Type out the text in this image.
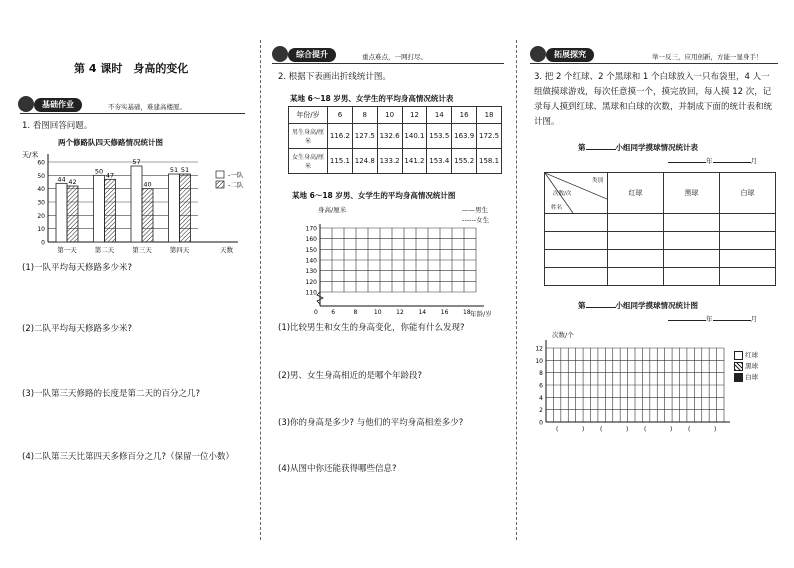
第 4 课时　身高的变化
基础作业	不夯实基础，难建高楼厦。
1. 看图回答问题。
两个修路队四天修路情况统计图
天/米
0
10
20
30
40
50
60
44 42
第一天
50 47
第二天
57
40
第三天
51 51
第四天	天数
-一队
-二队
(1)一队平均每天修路多少米?
(2)二队平均每天修路多少米?
(3)一队第三天修路的长度是第二天的百分之几?
(4)二队第三天比第四天多修百分之几?（保留一位小数）
综合提升	重点难点，一网打尽。
2. 根据下表画出折线统计图。
某地 6～18 岁男、女学生的平均身高情况统计表
年份/岁	6	8	10	12	14	16	18
男生身高/厘米	116.2	127.5	132.6	140.1	153.5	163.9	172.5
女生身高/厘米	115.1	124.8	133.2	141.2	153.4	155.2	158.1
某地 6～18 岁男、女学生的平均身高情况统计图
身高/厘米	——男生
------女生
110
120
130
140
150
160
170
0 6	8	10 12 14 16 18 年龄/岁
(1)比较男生和女生的身高变化，你能有什么发现?
(2)男、女生身高相近的是哪个年龄段?
(3)你的身高是多少? 与他们的平均身高相差多少?
(4)从图中你还能获得哪些信息?
拓展探究	举一反三，应用创新，方能一显身手！
3. 把 2 个红球、2 个黑球和 1 个白球放入一只布袋里，4 人一组做摸球游戏，每次任意摸一个，摸完放回，每人摸 12 次，记录每人摸到红球、黑球和白球的次数，并制成下面的统计表和统计图。
第	小组同学摸球情况统计表
年	月
类别
次数/次
姓名	红球	黑球	白球

第	小组同学摸球情况统计图
年	月
次数/个
0
2
4
6
8
10
12
(	)	(	)	(	)	(	)
红球
黑球
白球
